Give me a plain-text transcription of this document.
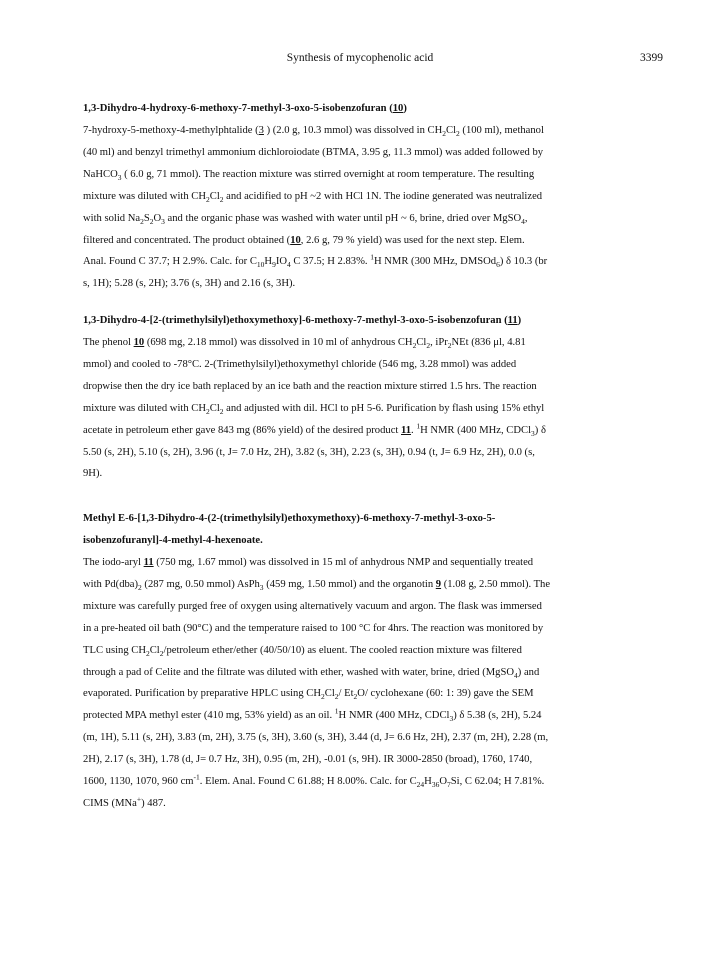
Synthesis of mycophenolic acid	3399
1,3-Dihydro-4-hydroxy-6-methoxy-7-methyl-3-oxo-5-isobenzofuran (10)
7-hydroxy-5-methoxy-4-methylphtalide (3 ) (2.0 g, 10.3 mmol) was dissolved in $CH_2Cl_2$ (100 ml), methanol
(40 ml) and benzyl trimethyl ammonium dichloroiodate (BTMA, 3.95 g, 11.3 mmol) was added followed by
NaHCO$_3$ ( 6.0 g, 71 mmol). The reaction mixture was stirred overnight at room temperature. The resulting
mixture was diluted with $CH_2Cl_2$ and acidified to pH ~2 with HCl 1N. The iodine generated was neutralized
with solid $Na_2S_2O_3$ and the organic phase was washed with water until pH ~ 6, brine, dried over MgSO$_4$,
filtered and concentrated. The product obtained (10, 2.6 g, 79 % yield) was used for the next step. Elem.
Anal. Found C 37.7; H 2.9%. Calc. for $C_{10}H_9IO_4$ C 37.5; H 2.83%. $^1$H NMR (300 MHz, DMSOd$_6$) δ 10.3 (br
s, 1H); 5.28 (s, 2H); 3.76 (s, 3H) and 2.16 (s, 3H).
1,3-Dihydro-4-[2-(trimethylsilyl)ethoxymethoxy]-6-methoxy-7-methyl-3-oxo-5-isobenzofuran (11)
The phenol 10 (698 mg, 2.18 mmol) was dissolved in 10 ml of anhydrous $CH_2Cl_2$, iPr$_2$NEt (836 μl, 4.81
mmol) and cooled to -78°C. 2-(Trimethylsilyl)ethoxymethyl chloride (546 mg, 3.28 mmol) was added
dropwise then the dry ice bath replaced by an ice bath and the reaction mixture stirred 1.5 hrs. The reaction
mixture was diluted with $CH_2Cl_2$ and adjusted with dil. HCl to pH 5-6. Purification by flash using 15% ethyl
acetate in petroleum ether gave 843 mg (86% yield) of the desired product 11. $^1$H NMR (400 MHz, CDCl$_3$) δ
5.50 (s, 2H), 5.10 (s, 2H), 3.96 (t, J= 7.0 Hz, 2H), 3.82 (s, 3H), 2.23 (s, 3H), 0.94 (t, J= 6.9 Hz, 2H), 0.0 (s,
9H).
Methyl E-6-[1,3-Dihydro-4-(2-(trimethylsilyl)ethoxymethoxy)-6-methoxy-7-methyl-3-oxo-5-
isobenzofuranyl]-4-methyl-4-hexenoate.
The iodo-aryl 11 (750 mg, 1.67 mmol) was dissolved in 15 ml of anhydrous NMP and sequentially treated
with $Pd(dba)_2$ (287 mg, 0.50 mmol) AsPh$_3$ (459 mg, 1.50 mmol) and the organotin 9 (1.08 g, 2.50 mmol). The
mixture was carefully purged free of oxygen using alternatively vacuum and argon. The flask was immersed
in a pre-heated oil bath (90°C) and the temperature raised to 100 °C for 4hrs. The reaction was monitored by
TLC using $CH_2Cl_2$/petroleum ether/ether (40/50/10) as eluent. The cooled reaction mixture was filtered
through a pad of Celite and the filtrate was diluted with ether, washed with water, brine, dried (MgSO$_4$) and
evaporated. Purification by preparative HPLC using $CH_2Cl_2/$ $Et_2O/$ cyclohexane (60: 1: 39) gave the SEM
protected MPA methyl ester (410 mg, 53% yield) as an oil. $^1$H NMR (400 MHz, CDCl$_3$) δ 5.38 (s, 2H), 5.24
(m, 1H), 5.11 (s, 2H), 3.83 (m, 2H), 3.75 (s, 3H), 3.60 (s, 3H), 3.44 (d, J= 6.6 Hz, 2H), 2.37 (m, 2H), 2.28 (m,
2H), 2.17 (s, 3H), 1.78 (d, J= 0.7 Hz, 3H), 0.95 (m, 2H), -0.01 (s, 9H). IR 3000-2850 (broad), 1760, 1740,
1600, 1130, 1070, 960 $cm^{-1}$. Elem. Anal. Found C 61.88; H 8.00%. Calc. for $C_{24}H_{36}O_7Si$, C 62.04; H 7.81%.
CIMS (MNa+) 487.
